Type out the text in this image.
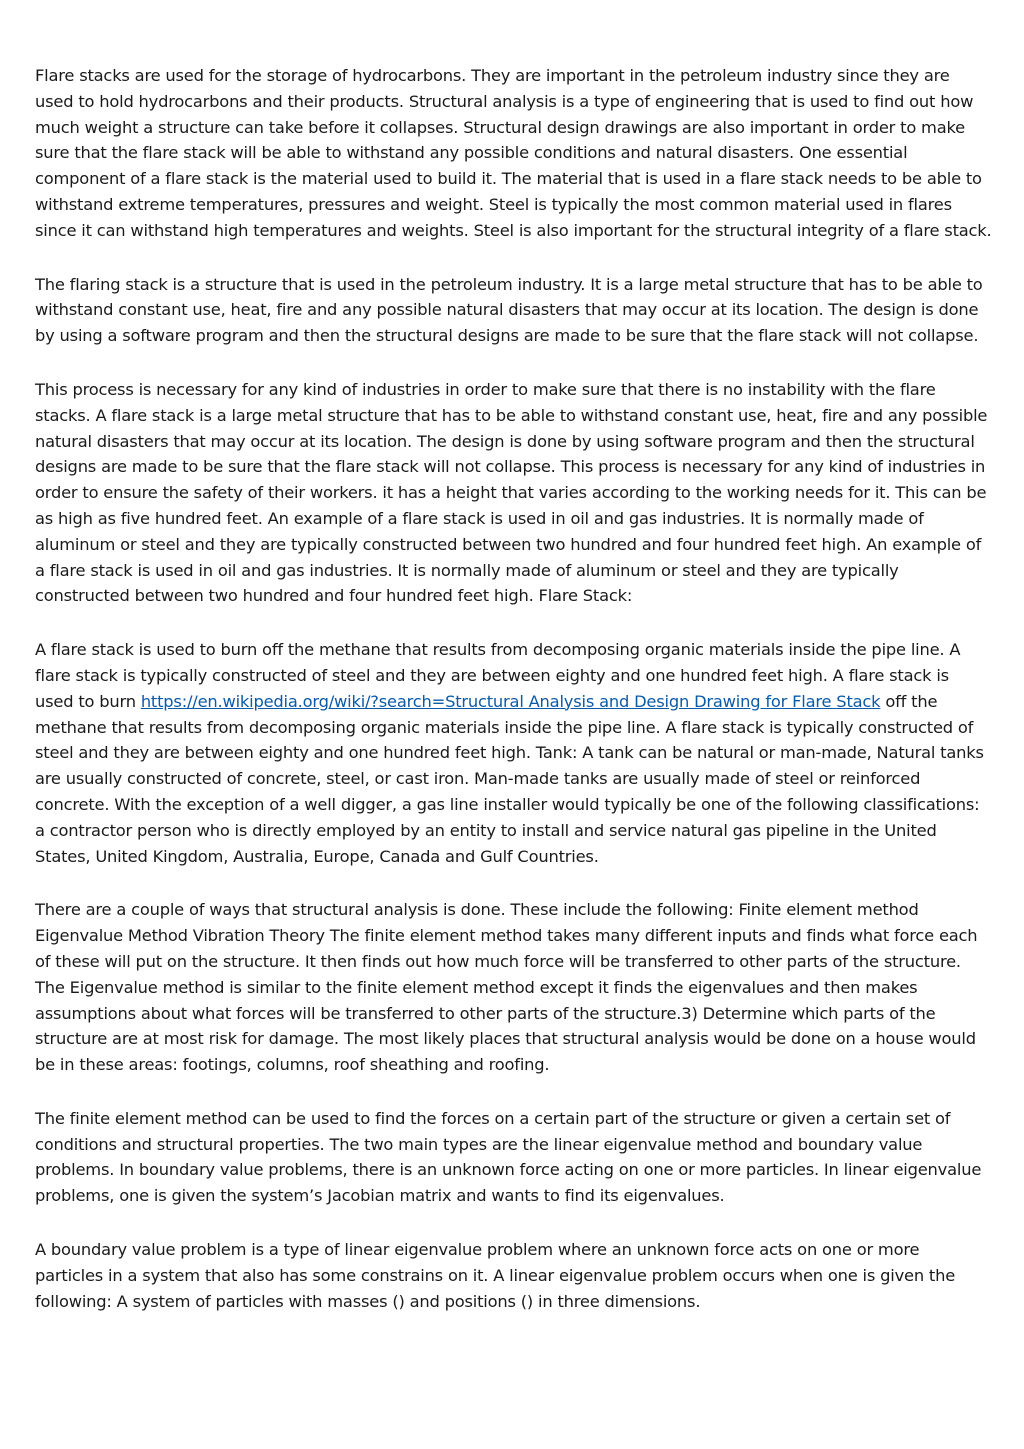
Flare stacks are used for the storage of hydrocarbons. They are important in the petroleum industry since they are used to hold hydrocarbons and their products. Structural analysis is a type of engineering that is used to find out how much weight a structure can take before it collapses. Structural design drawings are also important in order to make sure that the flare stack will be able to withstand any possible conditions and natural disasters. One essential component of a flare stack is the material used to build it. The material that is used in a flare stack needs to be able to withstand extreme temperatures, pressures and weight. Steel is typically the most common material used in flares since it can withstand high temperatures and weights. Steel is also important for the structural integrity of a flare stack.

The flaring stack is a structure that is used in the petroleum industry. It is a large metal structure that has to be able to withstand constant use, heat, fire and any possible natural disasters that may occur at its location. The design is done by using a software program and then the structural designs are made to be sure that the flare stack will not collapse.

This process is necessary for any kind of industries in order to make sure that there is no instability with the flare stacks. A flare stack is a large metal structure that has to be able to withstand constant use, heat, fire and any possible natural disasters that may occur at its location. The design is done by using software program and then the structural designs are made to be sure that the flare stack will not collapse. This process is necessary for any kind of industries in order to ensure the safety of their workers. it has a height that varies according to the working needs for it. This can be as high as five hundred feet. An example of a flare stack is used in oil and gas industries. It is normally made of aluminum or steel and they are typically constructed between two hundred and four hundred feet high. An example of a flare stack is used in oil and gas industries. It is normally made of aluminum or steel and they are typically constructed between two hundred and four hundred feet high. Flare Stack:

A flare stack is used to burn off the methane that results from decomposing organic materials inside the pipe line. A flare stack is typically constructed of steel and they are between eighty and one hundred feet high. A flare stack is used to burn https://en.wikipedia.org/wiki/?search=Structural Analysis and Design Drawing for Flare Stack off the methane that results from decomposing organic materials inside the pipe line. A flare stack is typically constructed of steel and they are between eighty and one hundred feet high. Tank: A tank can be natural or man-made, Natural tanks are usually constructed of concrete, steel, or cast iron. Man-made tanks are usually made of steel or reinforced concrete. With the exception of a well digger, a gas line installer would typically be one of the following classifications: a contractor person who is directly employed by an entity to install and service natural gas pipeline in the United States, United Kingdom, Australia, Europe, Canada and Gulf Countries.

There are a couple of ways that structural analysis is done. These include the following: Finite element method Eigenvalue Method Vibration Theory The finite element method takes many different inputs and finds what force each of these will put on the structure. It then finds out how much force will be transferred to other parts of the structure. The Eigenvalue method is similar to the finite element method except it finds the eigenvalues and then makes assumptions about what forces will be transferred to other parts of the structure.3) Determine which parts of the structure are at most risk for damage. The most likely places that structural analysis would be done on a house would be in these areas: footings, columns, roof sheathing and roofing.

The finite element method can be used to find the forces on a certain part of the structure or given a certain set of conditions and structural properties. The two main types are the linear eigenvalue method and boundary value problems. In boundary value problems, there is an unknown force acting on one or more particles. In linear eigenvalue problems, one is given the system’s Jacobian matrix and wants to find its eigenvalues.

A boundary value problem is a type of linear eigenvalue problem where an unknown force acts on one or more particles in a system that also has some constrains on it. A linear eigenvalue problem occurs when one is given the following: A system of particles with masses () and positions () in three dimensions.
